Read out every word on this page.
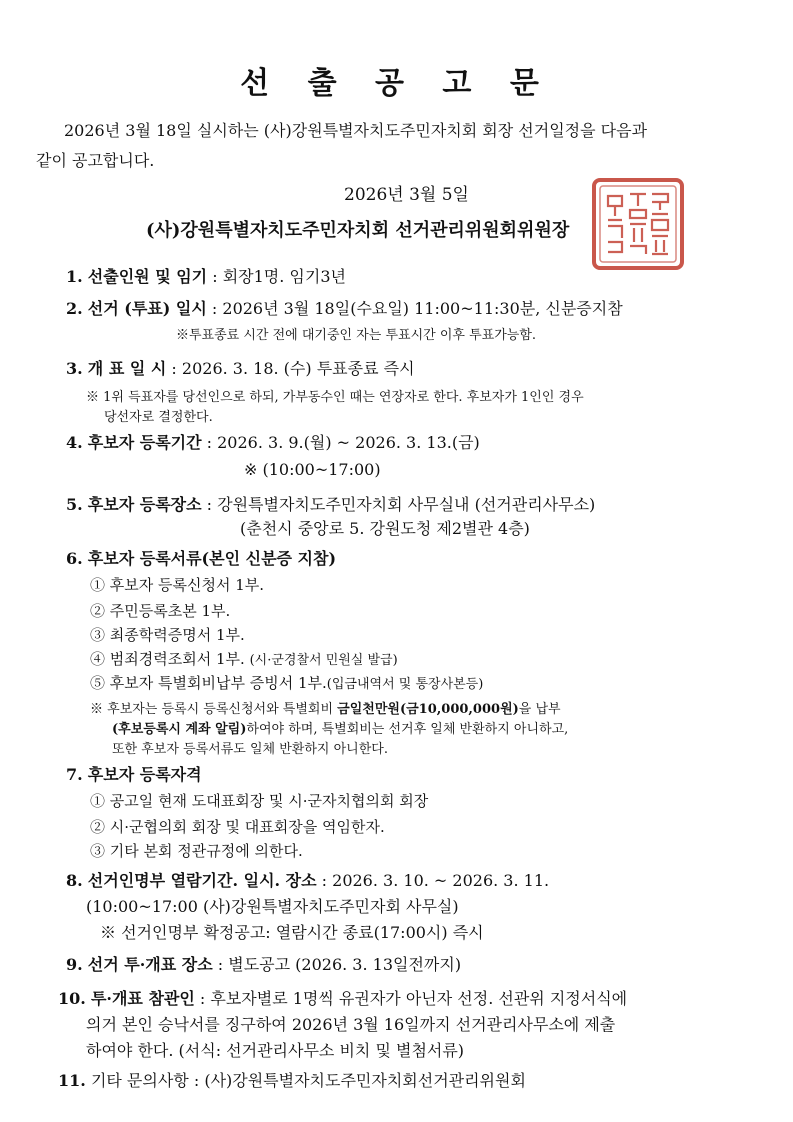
선 출 공 고 문
2026년 3월 18일 실시하는 (사)강원특별자치도주민자치회 회장 선거일정을 다음과
같이 공고합니다.
2026년 3월 5일
(사)강원특별자치도주민자치회 선거관리위원회위원장
1. 선출인원 및 임기 : 회장1명. 임기3년
2. 선거 (투표) 일시 : 2026년 3월 18일(수요일) 11:00~11:30분, 신분증지참
※투표종료 시간 전에 대기중인 자는 투표시간 이후 투표가능함.
3. 개 표 일 시 : 2026. 3. 18. (수) 투표종료 즉시
※ 1위 득표자를 당선인으로 하되, 가부동수인 때는 연장자로 한다. 후보자가 1인인 경우
당선자로 결정한다.
4. 후보자 등록기간 : 2026. 3. 9.(월) ~ 2026. 3. 13.(금)
※ (10:00~17:00)
5. 후보자 등록장소 : 강원특별자치도주민자치회 사무실내 (선거관리사무소)
(춘천시 중앙로 5. 강원도청 제2별관 4층)
6. 후보자 등록서류(본인 신분증 지참)
① 후보자 등록신청서 1부.
② 주민등록초본 1부.
③ 최종학력증명서 1부.
④ 범죄경력조회서 1부. (시·군경찰서 민원실 발급)
⑤ 후보자 특별회비납부 증빙서 1부.(입금내역서 및 통장사본등)
※ 후보자는 등록시 등록신청서와 특별회비 금일천만원(금10,000,000원)을 납부
(후보등록시 계좌 알림)하여야 하며, 특별회비는 선거후 일체 반환하지 아니하고,
또한 후보자 등록서류도 일체 반환하지 아니한다.
7. 후보자 등록자격
① 공고일 현재 도대표회장 및 시·군자치협의회 회장
② 시·군협의회 회장 및 대표회장을 역임한자.
③ 기타 본회 정관규정에 의한다.
8. 선거인명부 열람기간. 일시. 장소 : 2026. 3. 10. ~ 2026. 3. 11.
(10:00~17:00 (사)강원특별자치도주민자회 사무실)
※ 선거인명부 확정공고: 열람시간 종료(17:00시) 즉시
9. 선거 투·개표 장소 : 별도공고 (2026. 3. 13일전까지)
10. 투·개표 참관인 : 후보자별로 1명씩 유권자가 아닌자 선정. 선관위 지정서식에
의거 본인 승낙서를 징구하여 2026년 3월 16일까지 선거관리사무소에 제출
하여야 한다. (서식: 선거관리사무소 비치 및 별첨서류)
11. 기타 문의사항 : (사)강원특별자치도주민자치회선거관리위원회
